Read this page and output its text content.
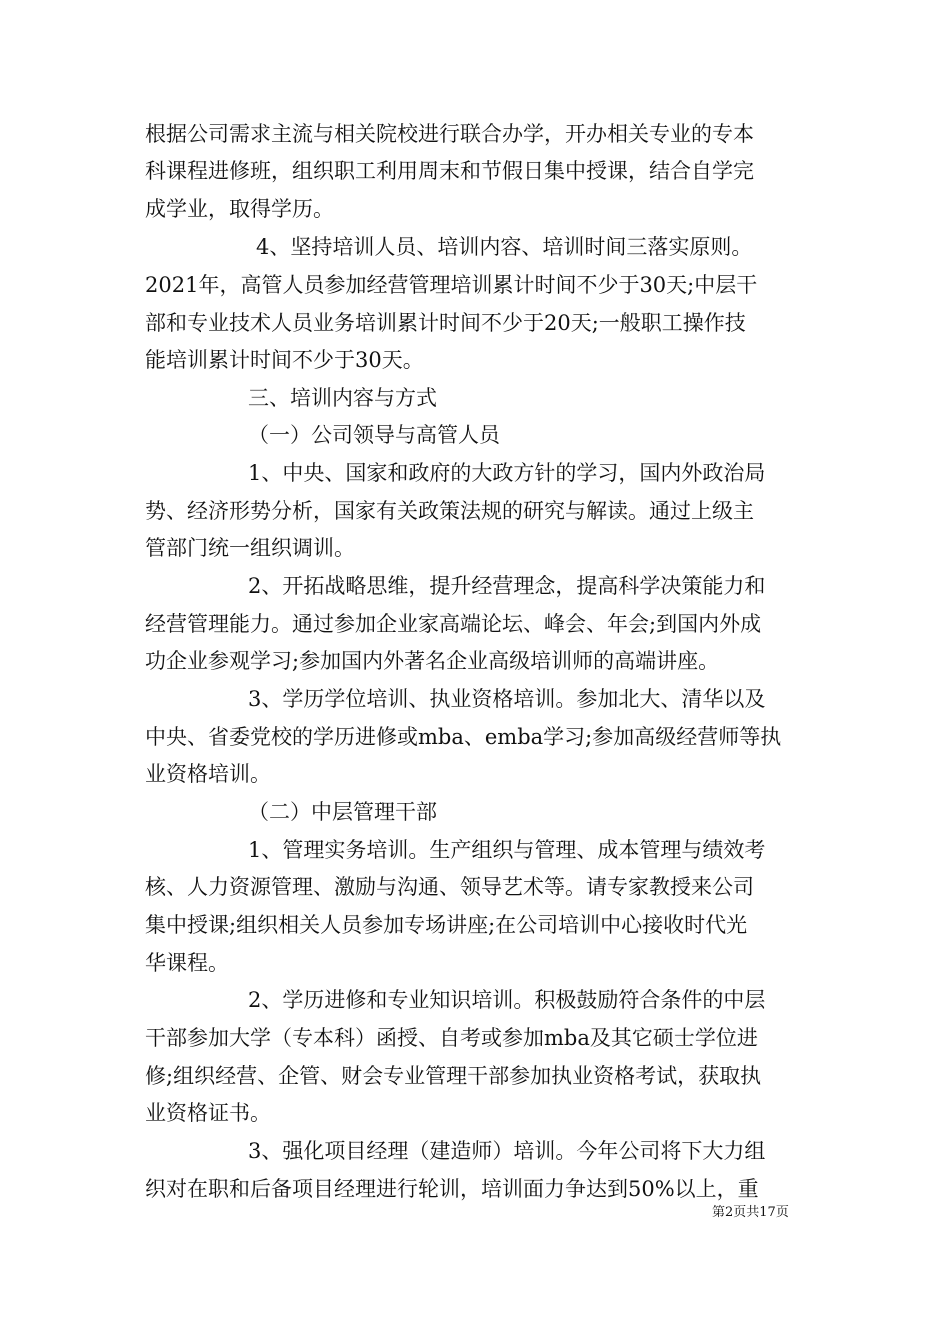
根据公司需求主流与相关院校进行联合办学，开办相关专业的专本

科课程进修班，组织职工利用周末和节假日集中授课，结合自学完

成学业，取得学历。

4、坚持培训人员、培训内容、培训时间三落实原则。

2021年，高管人员参加经营管理培训累计时间不少于30天;中层干

部和专业技术人员业务培训累计时间不少于20天;一般职工操作技

能培训累计时间不少于30天。

三、培训内容与方式

（一）公司领导与高管人员

1、中央、国家和政府的大政方针的学习，国内外政治局

势、经济形势分析，国家有关政策法规的研究与解读。通过上级主

管部门统一组织调训。

2、开拓战略思维，提升经营理念，提高科学决策能力和

经营管理能力。通过参加企业家高端论坛、峰会、年会;到国内外成

功企业参观学习;参加国内外著名企业高级培训师的高端讲座。

3、学历学位培训、执业资格培训。参加北大、清华以及

中央、省委党校的学历进修或mba、emba学习;参加高级经营师等执

业资格培训。

（二）中层管理干部

1、管理实务培训。生产组织与管理、成本管理与绩效考

核、人力资源管理、激励与沟通、领导艺术等。请专家教授来公司

集中授课;组织相关人员参加专场讲座;在公司培训中心接收时代光

华课程。

2、学历进修和专业知识培训。积极鼓励符合条件的中层

干部参加大学（专本科）函授、自考或参加mba及其它硕士学位进

修;组织经营、企管、财会专业管理干部参加执业资格考试，获取执

业资格证书。

3、强化项目经理（建造师）培训。今年公司将下大力组

织对在职和后备项目经理进行轮训，培训面力争达到50%以上，重

第2页共17页
